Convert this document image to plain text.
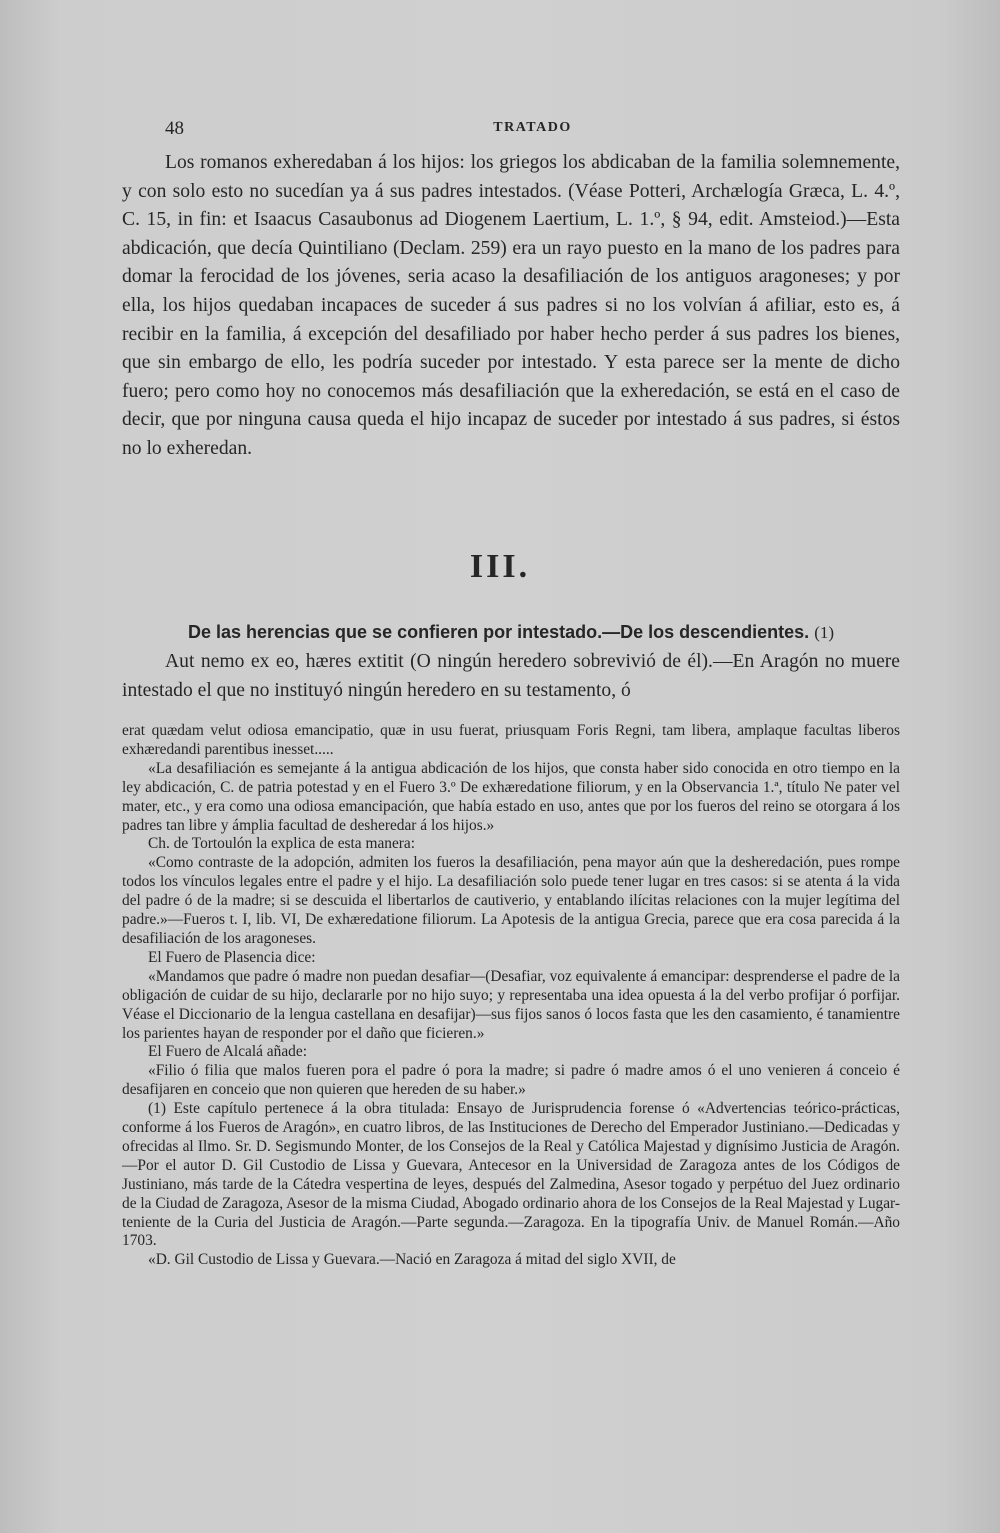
48	TRATADO

Los romanos exheredaban á los hijos: los griegos los abdicaban de la familia solemnemente, y con solo esto no sucedían ya á sus padres intestados. (Véase Potteri, Archælogía Græca, L. 4.º, C. 15, in fin: et Isaacus Casaubonus ad Diogenem Laertium, L. 1.º, § 94, edit. Amsteiod.)—Esta abdicación, que decía Quintiliano (Declam. 259) era un rayo puesto en la mano de los padres para domar la ferocidad de los jóvenes, seria acaso la desafiliación de los antiguos aragoneses; y por ella, los hijos quedaban incapaces de suceder á sus padres si no los volvían á afiliar, esto es, á recibir en la familia, á excepción del desafiliado por haber hecho perder á sus padres los bienes, que sin embargo de ello, les podría suceder por intestado. Y esta parece ser la mente de dicho fuero; pero como hoy no conocemos más desafiliación que la exheredación, se está en el caso de decir, que por ninguna causa queda el hijo incapaz de suceder por intestado á sus padres, si éstos no lo exheredan.

III.
De las herencias que se confieren por intestado.—De los descendientes. (1)

Aut nemo ex eo, hæres extitit (O ningún heredero sobrevivió de él).—En Aragón no muere intestado el que no instituyó ningún heredero en su testamento, ó

erat quædam velut odiosa emancipatio, quæ in usu fuerat, priusquam Foris Regni, tam libera, amplaque facultas liberos exhæredandi parentibus inesset.....

«La desafiliación es semejante á la antigua abdicación de los hijos, que consta haber sido conocida en otro tiempo en la ley abdicación, C. de patria potestad y en el Fuero 3.º De exhæredatione filiorum, y en la Observancia 1.ª, título Ne pater vel mater, etc., y era como una odiosa emancipación, que había estado en uso, antes que por los fueros del reino se otorgara á los padres tan libre y ámplia facultad de desheredar á los hijos.»

Ch. de Tortoulón la explica de esta manera:

«Como contraste de la adopción, admiten los fueros la desafiliación, pena mayor aún que la desheredación, pues rompe todos los vínculos legales entre el padre y el hijo. La desafiliación solo puede tener lugar en tres casos: si se atenta á la vida del padre ó de la madre; si se descuida el libertarlos de cautiverio, y entablando ilícitas relaciones con la mujer legítima del padre.»—Fueros t. I, lib. VI, De exhæredatione filiorum. La Apotesis de la antigua Grecia, parece que era cosa parecida á la desafiliación de los aragoneses.

El Fuero de Plasencia dice:

«Mandamos que padre ó madre non puedan desafiar—(Desafiar, voz equivalente á emancipar: desprenderse el padre de la obligación de cuidar de su hijo, declararle por no hijo suyo; y representaba una idea opuesta á la del verbo profijar ó porfijar. Véase el Diccionario de la lengua castellana en desafijar)—sus fijos sanos ó locos fasta que les den casamiento, é tanamientre los parientes hayan de responder por el daño que ficieren.»

El Fuero de Alcalá añade:

«Filio ó filia que malos fueren pora el padre ó pora la madre; si padre ó madre amos ó el uno venieren á conceio é desafijaren en conceio que non quieren que hereden de su haber.»

(1) Este capítulo pertenece á la obra titulada: Ensayo de Jurisprudencia forense ó «Advertencias teórico-prácticas, conforme á los Fueros de Aragón», en cuatro libros, de las Instituciones de Derecho del Emperador Justiniano.—Dedicadas y ofrecidas al Ilmo. Sr. D. Segismundo Monter, de los Consejos de la Real y Católica Majestad y dignísimo Justicia de Aragón.—Por el autor D. Gil Custodio de Lissa y Guevara, Antecesor en la Universidad de Zaragoza antes de los Códigos de Justiniano, más tarde de la Cátedra vespertina de leyes, después del Zalmedina, Asesor togado y perpétuo del Juez ordinario de la Ciudad de Zaragoza, Asesor de la misma Ciudad, Abogado ordinario ahora de los Consejos de la Real Majestad y Lugar-teniente de la Curia del Justicia de Aragón.—Parte segunda.—Zaragoza. En la tipografía Univ. de Manuel Román.—Año 1703.

«D. Gil Custodio de Lissa y Guevara.—Nació en Zaragoza á mitad del siglo XVII, de
